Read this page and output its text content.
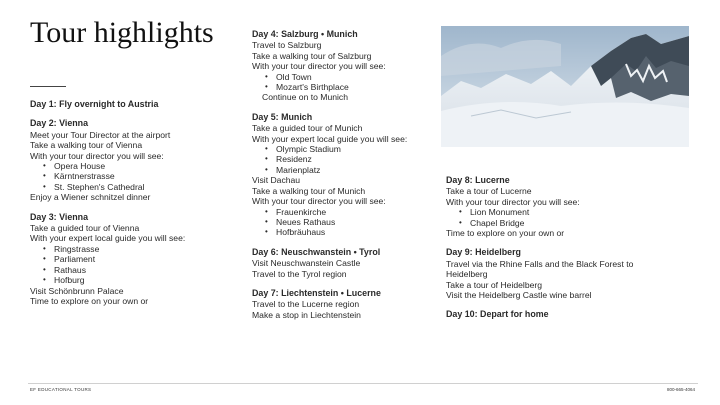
Tour highlights
Day 1: Fly overnight to Austria
Day 2: Vienna
Meet your Tour Director at the airport
Take a walking tour of Vienna
With your tour director you will see:
• Opera House
• Kärntnerstrasse
• St. Stephen's Cathedral
Enjoy a Wiener schnitzel dinner
Day 3: Vienna
Take a guided tour of Vienna
With your expert local guide you will see:
• Ringstrasse
• Parliament
• Rathaus
• Hofburg
Visit Schönbrunn Palace
Time to explore on your own or
Day 4: Salzburg • Munich
Travel to Salzburg
Take a walking tour of Salzburg
With your tour director you will see:
• Old Town
• Mozart's Birthplace
Continue on to Munich
Day 5: Munich
Take a guided tour of Munich
With your expert local guide you will see:
• Olympic Stadium
• Residenz
• Marienplatz
Visit Dachau
Take a walking tour of Munich
With your tour director you will see:
• Frauenkirche
• Neues Rathaus
• Hofbräuhaus
Day 6: Neuschwanstein • Tyrol
Visit Neuschwanstein Castle
Travel to the Tyrol region
Day 7: Liechtenstein • Lucerne
Travel to the Lucerne region
Make a stop in Liechtenstein
Day 8: Lucerne
Take a tour of Lucerne
With your tour director you will see:
• Lion Monument
• Chapel Bridge
Time to explore on your own or
Day 9: Heidelberg
Travel via the Rhine Falls and the Black Forest to
Heidelberg
Take a tour of Heidelberg
Visit the Heidelberg Castle wine barrel
Day 10: Depart for home
EF EDUCATIONAL TOURS	800-665-4064
